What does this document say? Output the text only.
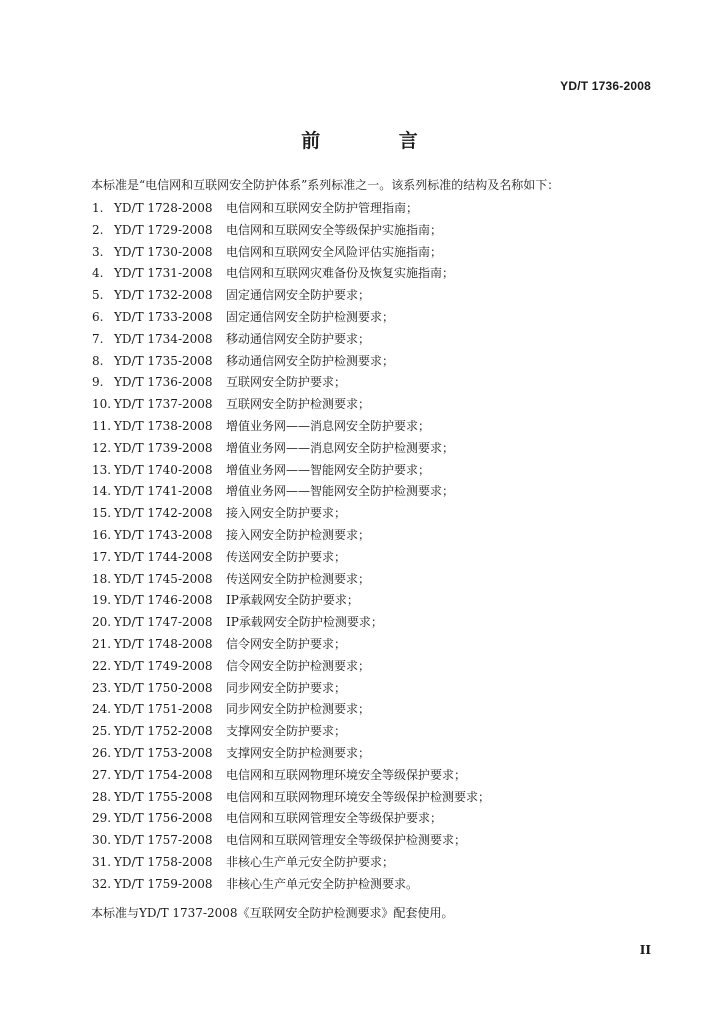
YD/T 1736-2008
前 言
本标准是“电信网和互联网安全防护体系”系列标准之一。该系列标准的结构及名称如下：
1. YD/T 1728-2008	电信网和互联网安全防护管理指南；
2. YD/T 1729-2008	电信网和互联网安全等级保护实施指南；
3. YD/T 1730-2008	电信网和互联网安全风险评估实施指南；
4. YD/T 1731-2008	电信网和互联网灾难备份及恢复实施指南；
5. YD/T 1732-2008	固定通信网安全防护要求；
6. YD/T 1733-2008	固定通信网安全防护检测要求；
7. YD/T 1734-2008	移动通信网安全防护要求；
8. YD/T 1735-2008	移动通信网安全防护检测要求；
9. YD/T 1736-2008	互联网安全防护要求；
10. YD/T 1737-2008	互联网安全防护检测要求；
11. YD/T 1738-2008	增值业务网——消息网安全防护要求；
12. YD/T 1739-2008	增值业务网——消息网安全防护检测要求；
13. YD/T 1740-2008	增值业务网——智能网安全防护要求；
14. YD/T 1741-2008	增值业务网——智能网安全防护检测要求；
15. YD/T 1742-2008	接入网安全防护要求；
16. YD/T 1743-2008	接入网安全防护检测要求；
17. YD/T 1744-2008	传送网安全防护要求；
18. YD/T 1745-2008	传送网安全防护检测要求；
19. YD/T 1746-2008	IP承载网安全防护要求；
20. YD/T 1747-2008	IP承载网安全防护检测要求；
21. YD/T 1748-2008	信令网安全防护要求；
22. YD/T 1749-2008	信令网安全防护检测要求；
23. YD/T 1750-2008	同步网安全防护要求；
24. YD/T 1751-2008	同步网安全防护检测要求；
25. YD/T 1752-2008	支撑网安全防护要求；
26. YD/T 1753-2008	支撑网安全防护检测要求；
27. YD/T 1754-2008	电信网和互联网物理环境安全等级保护要求；
28. YD/T 1755-2008	电信网和互联网物理环境安全等级保护检测要求；
29. YD/T 1756-2008	电信网和互联网管理安全等级保护要求；
30. YD/T 1757-2008	电信网和互联网管理安全等级保护检测要求；
31. YD/T 1758-2008	非核心生产单元安全防护要求；
32. YD/T 1759-2008	非核心生产单元安全防护检测要求。
本标准与YD/T 1737-2008《互联网安全防护检测要求》配套使用。
II
